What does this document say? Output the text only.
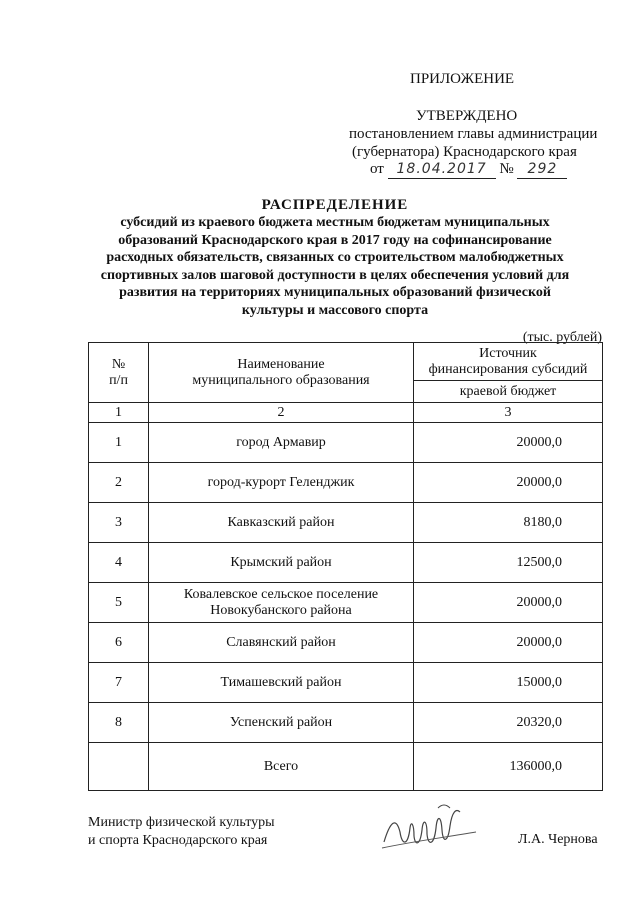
ПРИЛОЖЕНИЕ
УТВЕРЖДЕНО
постановлением главы администрации
(губернатора) Краснодарского края
от 18.04.2017 № 292
РАСПРЕДЕЛЕНИЕ
субсидий из краевого бюджета местным бюджетам муниципальных
образований Краснодарского края в 2017 году на софинансирование
расходных обязательств, связанных со строительством малобюджетных
спортивных залов шаговой доступности в целях обеспечения условий для
развития на территориях муниципальных образований физической
культуры и массового спорта
(тыс. рублей)
№
п/п	Наименование муниципального образования	Источник финансирования субсидий
		краевой бюджет
1	2	3
1	город Армавир	20000,0
2	город-курорт Геленджик	20000,0
3	Кавказский район	8180,0
4	Крымский район	12500,0
5	Ковалевское сельское поселение Новокубанского района	20000,0
6	Славянский район	20000,0
7	Тимашевский район	15000,0
8	Успенский район	20320,0
	Всего	136000,0
Министр физической культуры
и спорта Краснодарского края	Л.А. Чернова
